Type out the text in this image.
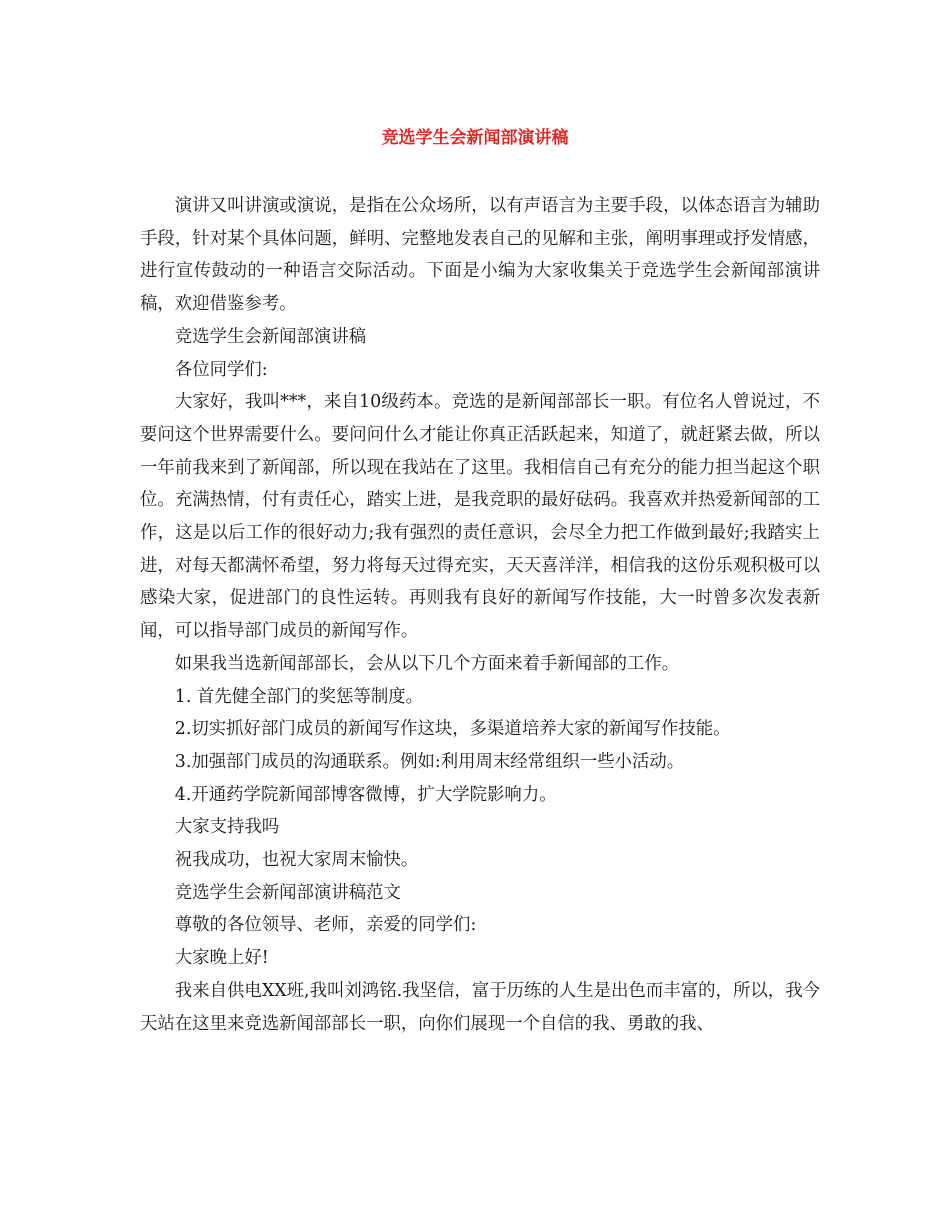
竞选学生会新闻部演讲稿

演讲又叫讲演或演说，是指在公众场所，以有声语言为主要手段，以体态语言为辅助手段，针对某个具体问题，鲜明、完整地发表自己的见解和主张，阐明事理或抒发情感，进行宣传鼓动的一种语言交际活动。下面是小编为大家收集关于竞选学生会新闻部演讲稿，欢迎借鉴参考。

竞选学生会新闻部演讲稿

各位同学们:

大家好，我叫***，来自10级药本。竞选的是新闻部部长一职。有位名人曾说过，不要问这个世界需要什么。要问问什么才能让你真正活跃起来，知道了，就赶紧去做，所以一年前我来到了新闻部，所以现在我站在了这里。我相信自己有充分的能力担当起这个职位。充满热情，付有责任心，踏实上进，是我竞职的最好砝码。我喜欢并热爱新闻部的工作，这是以后工作的很好动力;我有强烈的责任意识，会尽全力把工作做到最好;我踏实上进，对每天都满怀希望，努力将每天过得充实，天天喜洋洋，相信我的这份乐观积极可以感染大家，促进部门的良性运转。再则我有良好的新闻写作技能，大一时曾多次发表新闻，可以指导部门成员的新闻写作。

如果我当选新闻部部长，会从以下几个方面来着手新闻部的工作。

1. 首先健全部门的奖惩等制度。

2.切实抓好部门成员的新闻写作这块，多渠道培养大家的新闻写作技能。

3.加强部门成员的沟通联系。例如:利用周末经常组织一些小活动。

4.开通药学院新闻部博客微博，扩大学院影响力。

大家支持我吗

祝我成功，也祝大家周末愉快。

竞选学生会新闻部演讲稿范文

尊敬的各位领导、老师，亲爱的同学们:

大家晚上好!

我来自供电XX班,我叫刘鸿铭.我坚信，富于历练的人生是出色而丰富的，所以，我今天站在这里来竞选新闻部部长一职，向你们展现一个自信的我、勇敢的我、
